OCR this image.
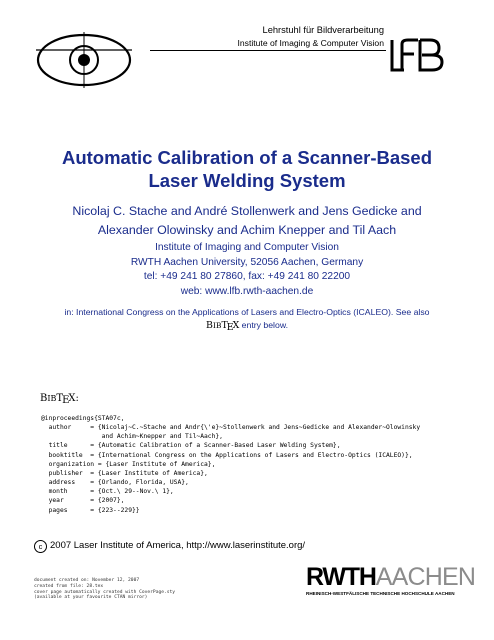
Lehrstuhl für Bildverarbeitung
Institute of Imaging & Computer Vision
Automatic Calibration of a Scanner-Based
Laser Welding System
Nicolaj C. Stache and André Stollenwerk and Jens Gedicke and
Alexander Olowinsky and Achim Knepper and Til Aach
Institute of Imaging and Computer Vision
RWTH Aachen University, 52056 Aachen, Germany
tel: +49 241 80 27860, fax: +49 241 80 22200
web: www.lfb.rwth-aachen.de
in: International Congress on the Applications of Lasers and Electro-Optics (ICALEO). See also
BIBTEX entry below.
BIBTEX:
@inproceedings{STA07c,
author     = {Nicolaj~C.~Stache and Andr{\'e}~Stollenwerk and Jens~Gedicke and Alexander~Olowinsky
and Achim~Knepper and Til~Aach},
title      = {Automatic Calibration of a Scanner-Based Laser Welding System},
booktitle  = {International Congress on the Applications of Lasers and Electro-Optics (ICALEO)},
organization = {Laser Institute of America},
publisher  = {Laser Institute of America},
address    = {Orlando, Florida, USA},
month      = {Oct.\ 29--Nov.\ 1},
year       = {2007},
pages      = {223--229}}
c 2007 Laser Institute of America, http://www.laserinstitute.org/
document created on: November 12, 2007
created from file: 28.tex
cover page automatically created with CoverPage.sty
(available at your favourite CTAN mirror)
RWTHAACHEN
RHEINISCH-WESTFÄLISCHE TECHNISCHE HOCHSCHULE AACHEN
